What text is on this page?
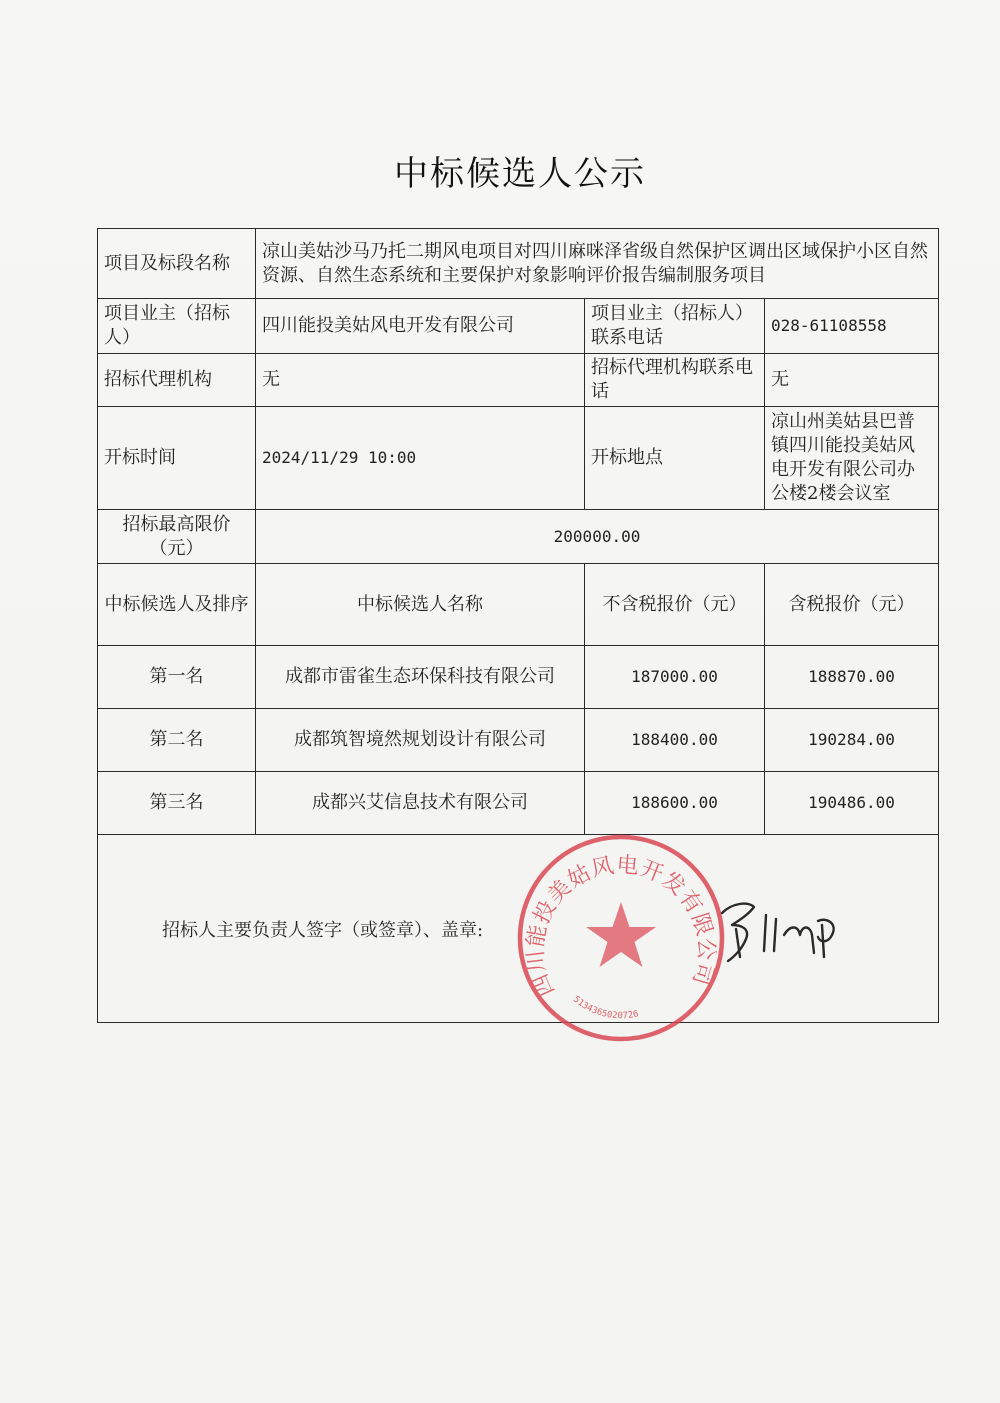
中标候选人公示
项目及标段名称	凉山美姑沙马乃托二期风电项目对四川麻咪泽省级自然保护区调出区域保护小区自然资源、自然生态系统和主要保护对象影响评价报告编制服务项目		
项目业主（招标人）	四川能投美姑风电开发有限公司	项目业主（招标人）联系电话	028-61108558
招标代理机构	无	招标代理机构联系电话	无
开标时间	2024/11/29 10:00	开标地点	凉山州美姑县巴普镇四川能投美姑风电开发有限公司办公楼2楼会议室
招标最高限价（元）	200000.00		
中标候选人及排序	中标候选人名称	不含税报价（元）	含税报价（元）
第一名	成都市雷雀生态环保科技有限公司	187000.00	188870.00
第二名	成都筑智境然规划设计有限公司	188400.00	190284.00
第三名	成都兴艾信息技术有限公司	188600.00	190486.00

招标人主要负责人签字（或签章）、盖章:			
四川能投美姑风电开发有限公司
5134365020726
